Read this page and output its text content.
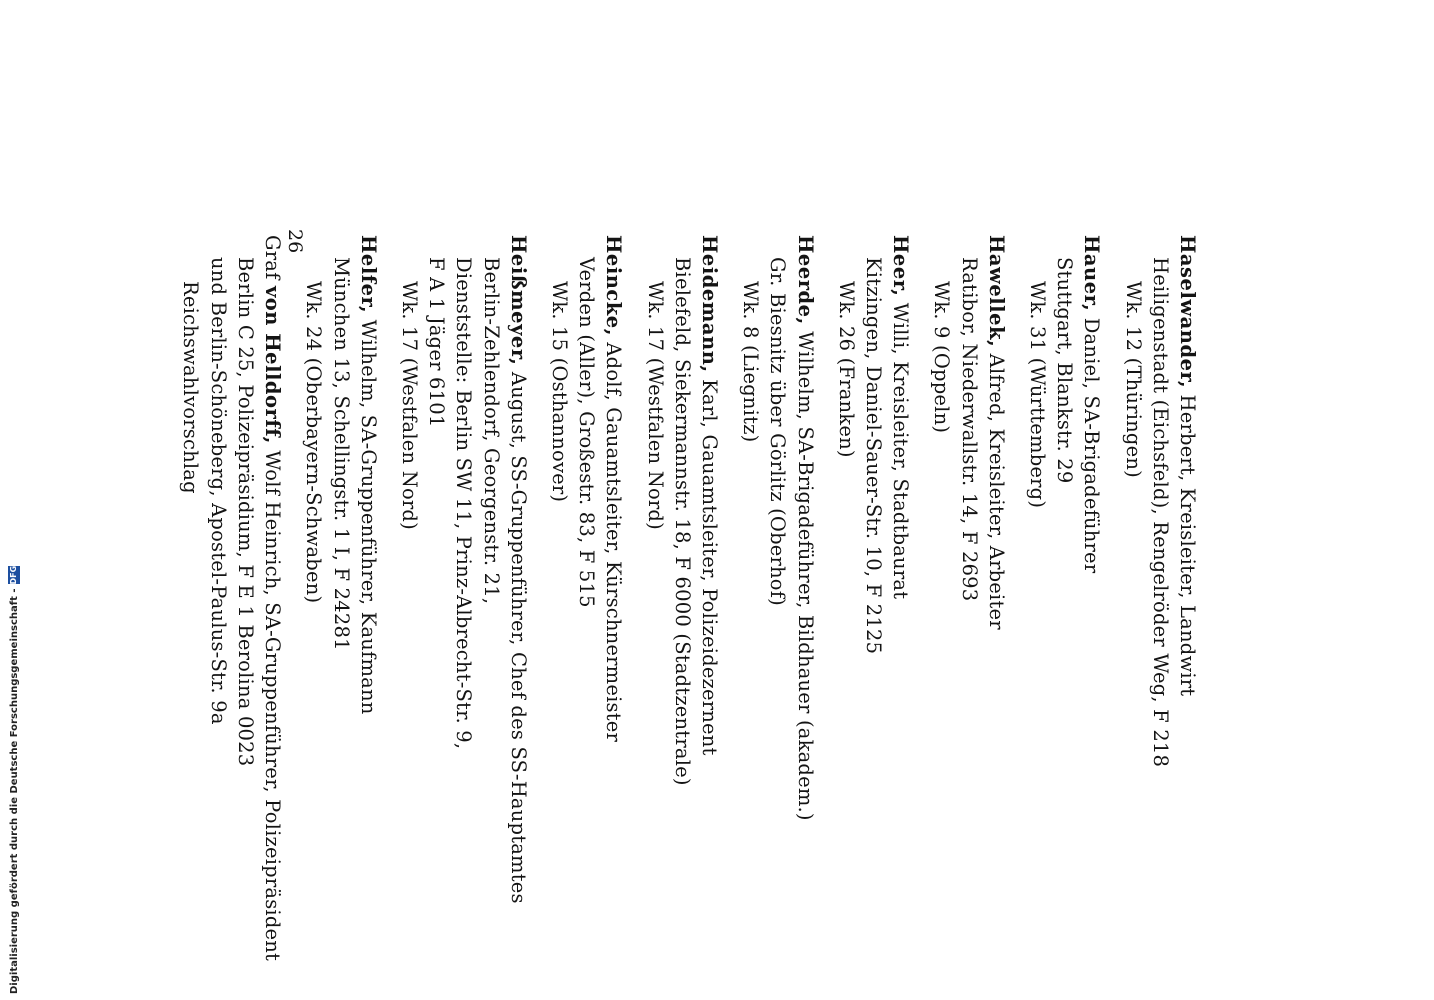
Haselwander, Herbert, Kreisleiter, Landwirt
Heiligenstadt (Eichsfeld), Rengelröder Weg, F 218
Wk. 12 (Thüringen)
Hauer, Daniel, SA-Brigadeführer
Stuttgart, Blankstr. 29
Wk. 31 (Württemberg)
Hawellek, Alfred, Kreisleiter, Arbeiter
Ratibor, Niederwallstr. 14, F 2693
Wk. 9 (Oppeln)
Heer, Willi, Kreisleiter, Stadtbaurat
Kitzingen, Daniel-Sauer-Str. 10, F 2125
Wk. 26 (Franken)
Heerde, Wilhelm, SA-Brigadeführer, Bildhauer (akadem.)
Gr. Biesnitz über Görlitz (Oberhof)
Wk. 8 (Liegnitz)
Heidemann, Karl, Gauamtsleiter, Polizeidezernent
Bielefeld, Siekermannstr. 18, F 6000 (Stadtzentrale)
Wk. 17 (Westfalen Nord)
Heincke, Adolf, Gauamtsleiter, Kürschnermeister
Verden (Aller), Großestr. 83, F 515
Wk. 15 (Osthannover)
Heißmeyer, August, SS-Gruppenführer, Chef des SS-Hauptamtes
Berlin-Zehlendorf, Georgenstr. 21,
Dienststelle: Berlin SW 11, Prinz-Albrecht-Str. 9,
F A 1 Jäger 6101
Wk. 17 (Westfalen Nord)
Helfer, Wilhelm, SA-Gruppenführer, Kaufmann
München 13, Schellingstr. 1 I, F 24281
Wk. 24 (Oberbayern-Schwaben)
Graf von Helldorff, Wolf Heinrich, SA-Gruppenführer, Polizeipräsident
Berlin C 25, Polizeipräsidium, F E 1 Berolina 0023
und Berlin-Schöneberg, Apostel-Paulus-Str. 9a
Reichswahlvorschlag
26
Digitalisierung gefördert durch die Deutsche Forschungsgemeinschaft -
DFG
